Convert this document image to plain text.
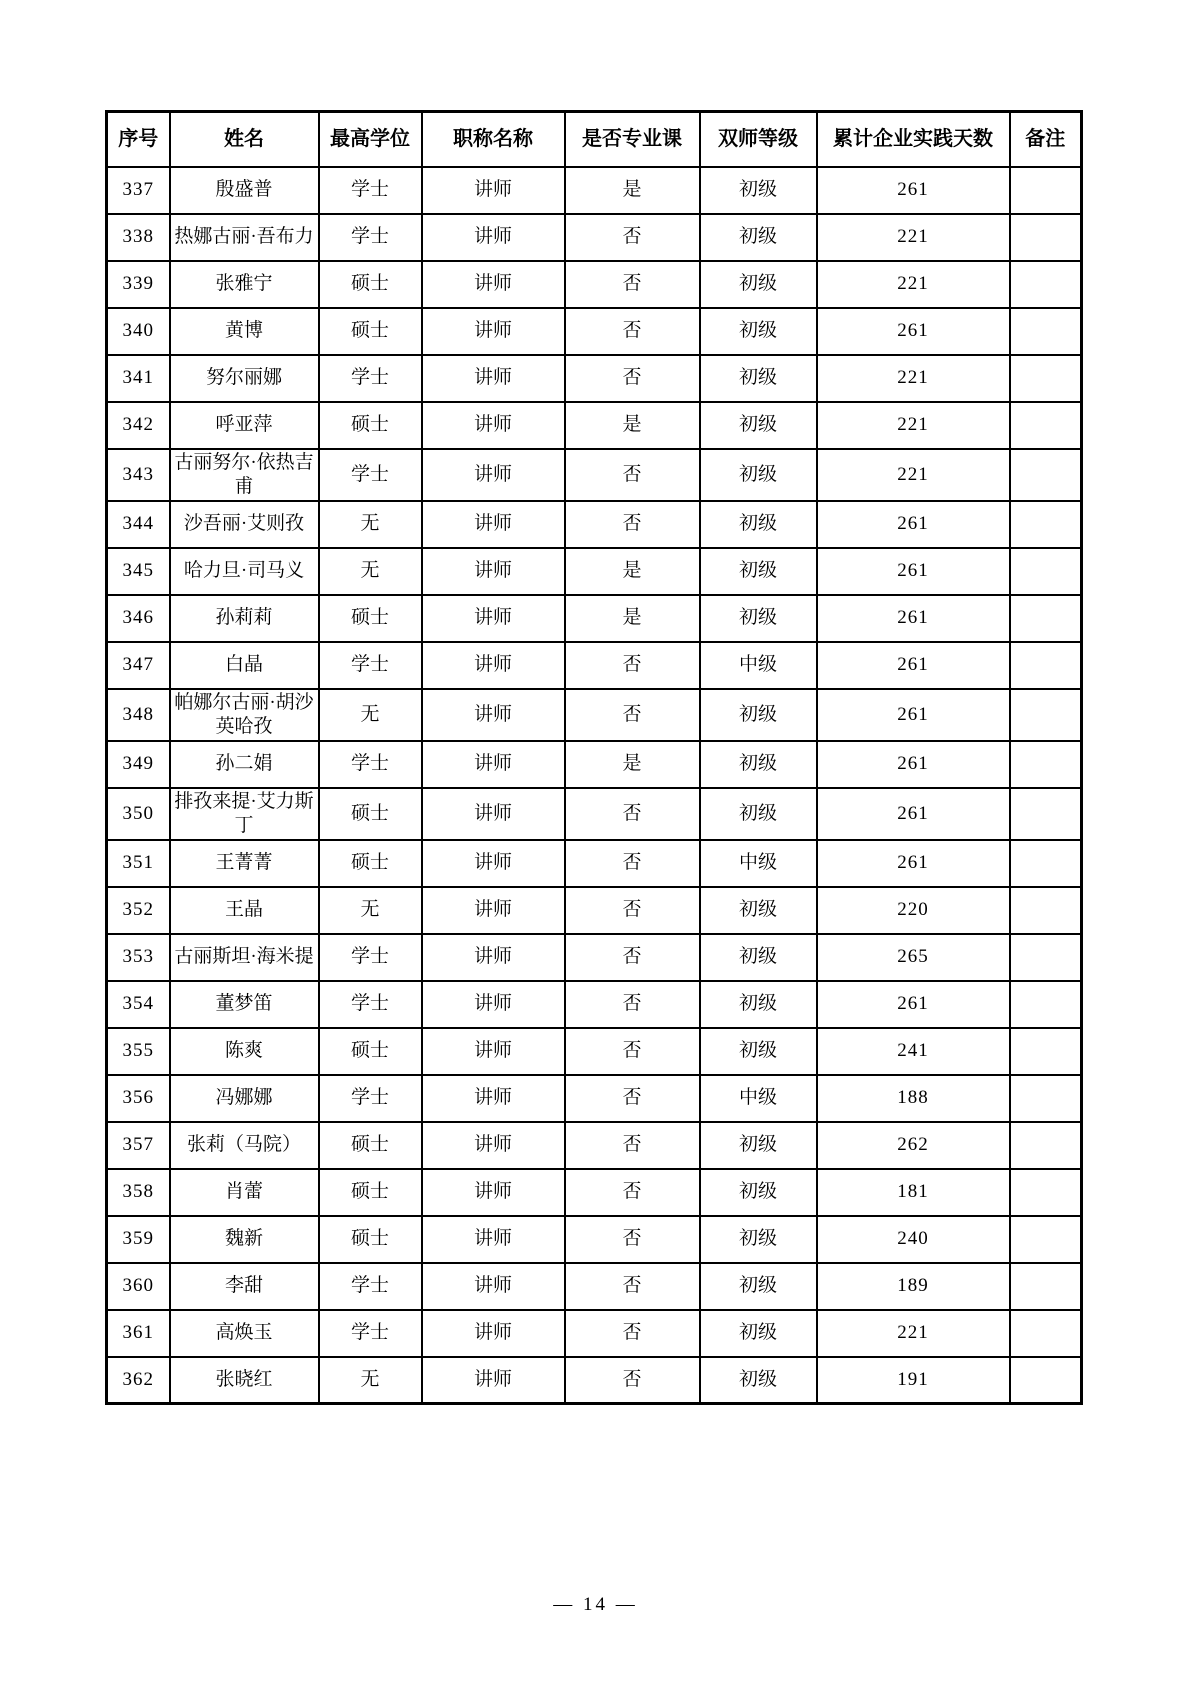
序号	姓名	最高学位	职称名称	是否专业课	双师等级	累计企业实践天数	备注
337	殷盛普	学士	讲师	是	初级	261	
338	热娜古丽·吾布力	学士	讲师	否	初级	221	
339	张雅宁	硕士	讲师	否	初级	221	
340	黄博	硕士	讲师	否	初级	261	
341	努尔丽娜	学士	讲师	否	初级	221	
342	呼亚萍	硕士	讲师	是	初级	221	
343	古丽努尔·依热吉甫	学士	讲师	否	初级	221	
344	沙吾丽·艾则孜	无	讲师	否	初级	261	
345	哈力旦·司马义	无	讲师	是	初级	261	
346	孙莉莉	硕士	讲师	是	初级	261	
347	白晶	学士	讲师	否	中级	261	
348	帕娜尔古丽·胡沙英哈孜	无	讲师	否	初级	261	
349	孙二娟	学士	讲师	是	初级	261	
350	排孜来提·艾力斯丁	硕士	讲师	否	初级	261	
351	王菁菁	硕士	讲师	否	中级	261	
352	王晶	无	讲师	否	初级	220	
353	古丽斯坦·海米提	学士	讲师	否	初级	265	
354	董梦笛	学士	讲师	否	初级	261	
355	陈爽	硕士	讲师	否	初级	241	
356	冯娜娜	学士	讲师	否	中级	188	
357	张莉（马院）	硕士	讲师	否	初级	262	
358	肖蕾	硕士	讲师	否	初级	181	
359	魏新	硕士	讲师	否	初级	240	
360	李甜	学士	讲师	否	初级	189	
361	高焕玉	学士	讲师	否	初级	221	
362	张晓红	无	讲师	否	初级	191	
— 14 —
